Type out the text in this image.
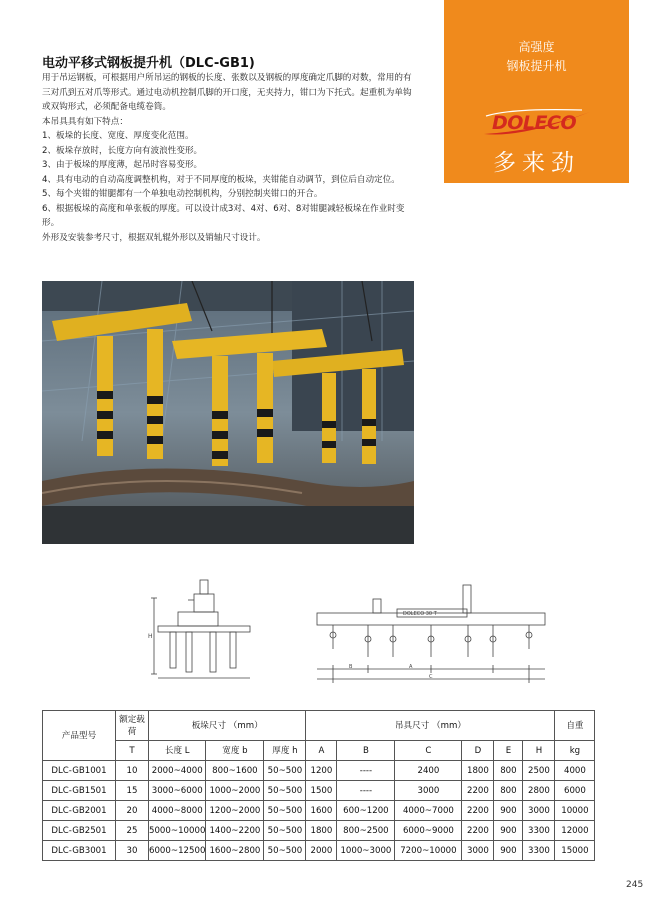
高强度
钢板提升机
DOLECO
多来劲
电动平移式钢板提升机（DLC-GB1)

用于吊运钢板，可根据用户所吊运的钢板的长度、张数以及钢板的厚度确定爪脚的对数，常用的有三对爪到五对爪等形式。通过电动机控制爪脚的开口度，无夹持力，钳口为下托式。起重机为单钩或双钩形式，必须配备电缆卷筒。

本吊具具有如下特点：

1、板垛的长度、宽度、厚度变化范围。

2、板垛存放时，长度方向有波浪性变形。

3、由于板垛的厚度薄，起吊时容易变形。

4、具有电动的自动高度调整机构，对于不同厚度的板垛，夹钳能自动调节，到位后自动定位。

5、每个夹钳的钳腿都有一个单独电动控制机构，分别控制夹钳口的开合。

6、根据板垛的高度和单张板的厚度。可以设计成3对、4对、6对、8对钳腿减轻板垛在作业时变形。

外形及安装参考尺寸，根据双轧辊外形以及销轴尺寸设计。

H
DOLECO 30 T
B	A
C
产品型号	额定载荷	板垛尺寸 （mm）			吊具尺寸 （mm）						自重
	T	长度 L	宽度 b	厚度 h	A	B	C	D	E	H	kg
DLC-GB1001	10	2000~4000	800~1600	50~500	1200	----	2400	1800	800	2500	4000
DLC-GB1501	15	3000~6000	1000~2000	50~500	1500	----	3000	2200	800	2800	6000
DLC-GB2001	20	4000~8000	1200~2000	50~500	1600	600~1200	4000~7000	2200	900	3000	10000
DLC-GB2501	25	5000~10000	1400~2200	50~500	1800	800~2500	6000~9000	2200	900	3300	12000
DLC-GB3001	30	6000~12500	1600~2800	50~500	2000	1000~3000	7200~10000	3000	900	3300	15000
245
